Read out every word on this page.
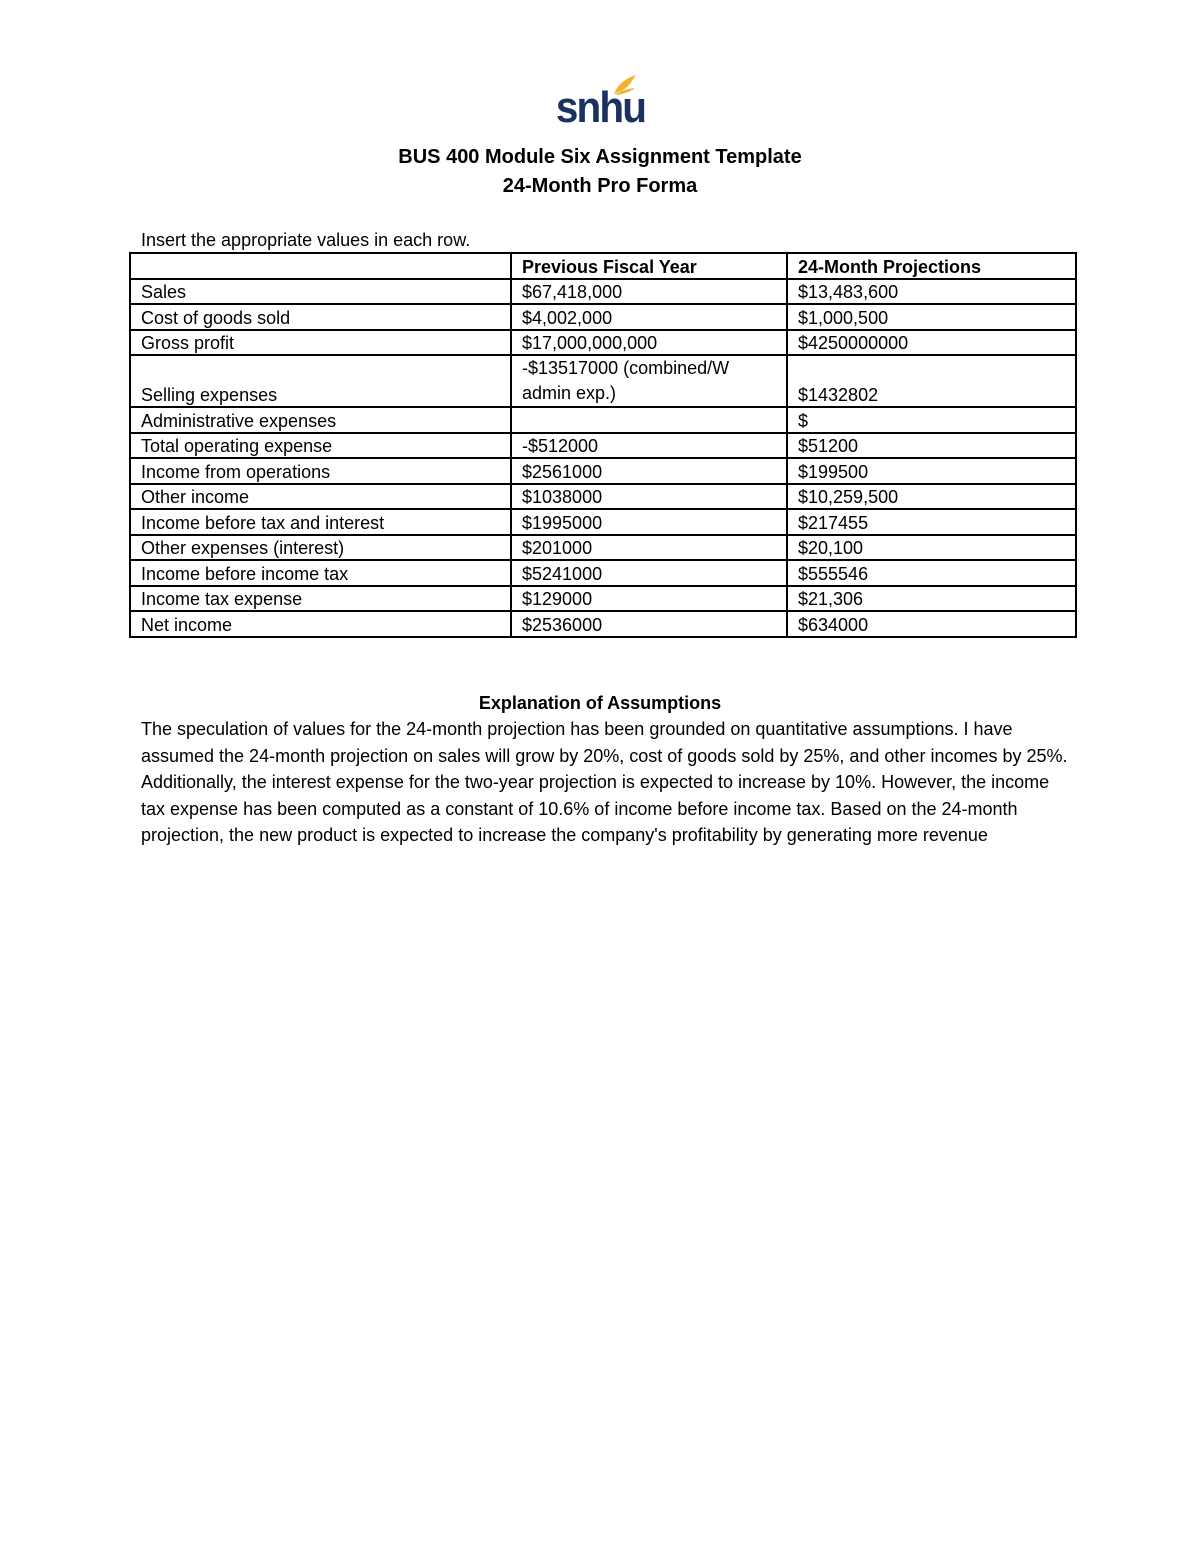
snhu
BUS 400 Module Six Assignment Template
24-Month Pro Forma
Insert the appropriate values in each row.
	Previous Fiscal Year	24-Month Projections
Sales	$67,418,000	$13,483,600
Cost of goods sold	$4,002,000	$1,000,500
Gross profit	$17,000,000,000	$4250000000
Selling expenses	-$13517000 (combined/W admin exp.)	$1432802
Administrative expenses		$
Total operating expense	-$512000	$51200
Income from operations	$2561000	$199500
Other income	$1038000	$10,259,500
Income before tax and interest	$1995000	$217455
Other expenses (interest)	$201000	$20,100
Income before income tax	$5241000	$555546
Income tax expense	$129000	$21,306
Net income	$2536000	$634000
Explanation of Assumptions
The speculation of values for the 24-month projection has been grounded on quantitative assumptions. I have assumed the 24-month projection on sales will grow by 20%, cost of goods sold by 25%, and other incomes by 25%. Additionally, the interest expense for the two-year projection is expected to increase by 10%. However, the income tax expense has been computed as a constant of 10.6% of income before income tax. Based on the 24-month projection, the new product is expected to increase the company's profitability by generating more revenue
